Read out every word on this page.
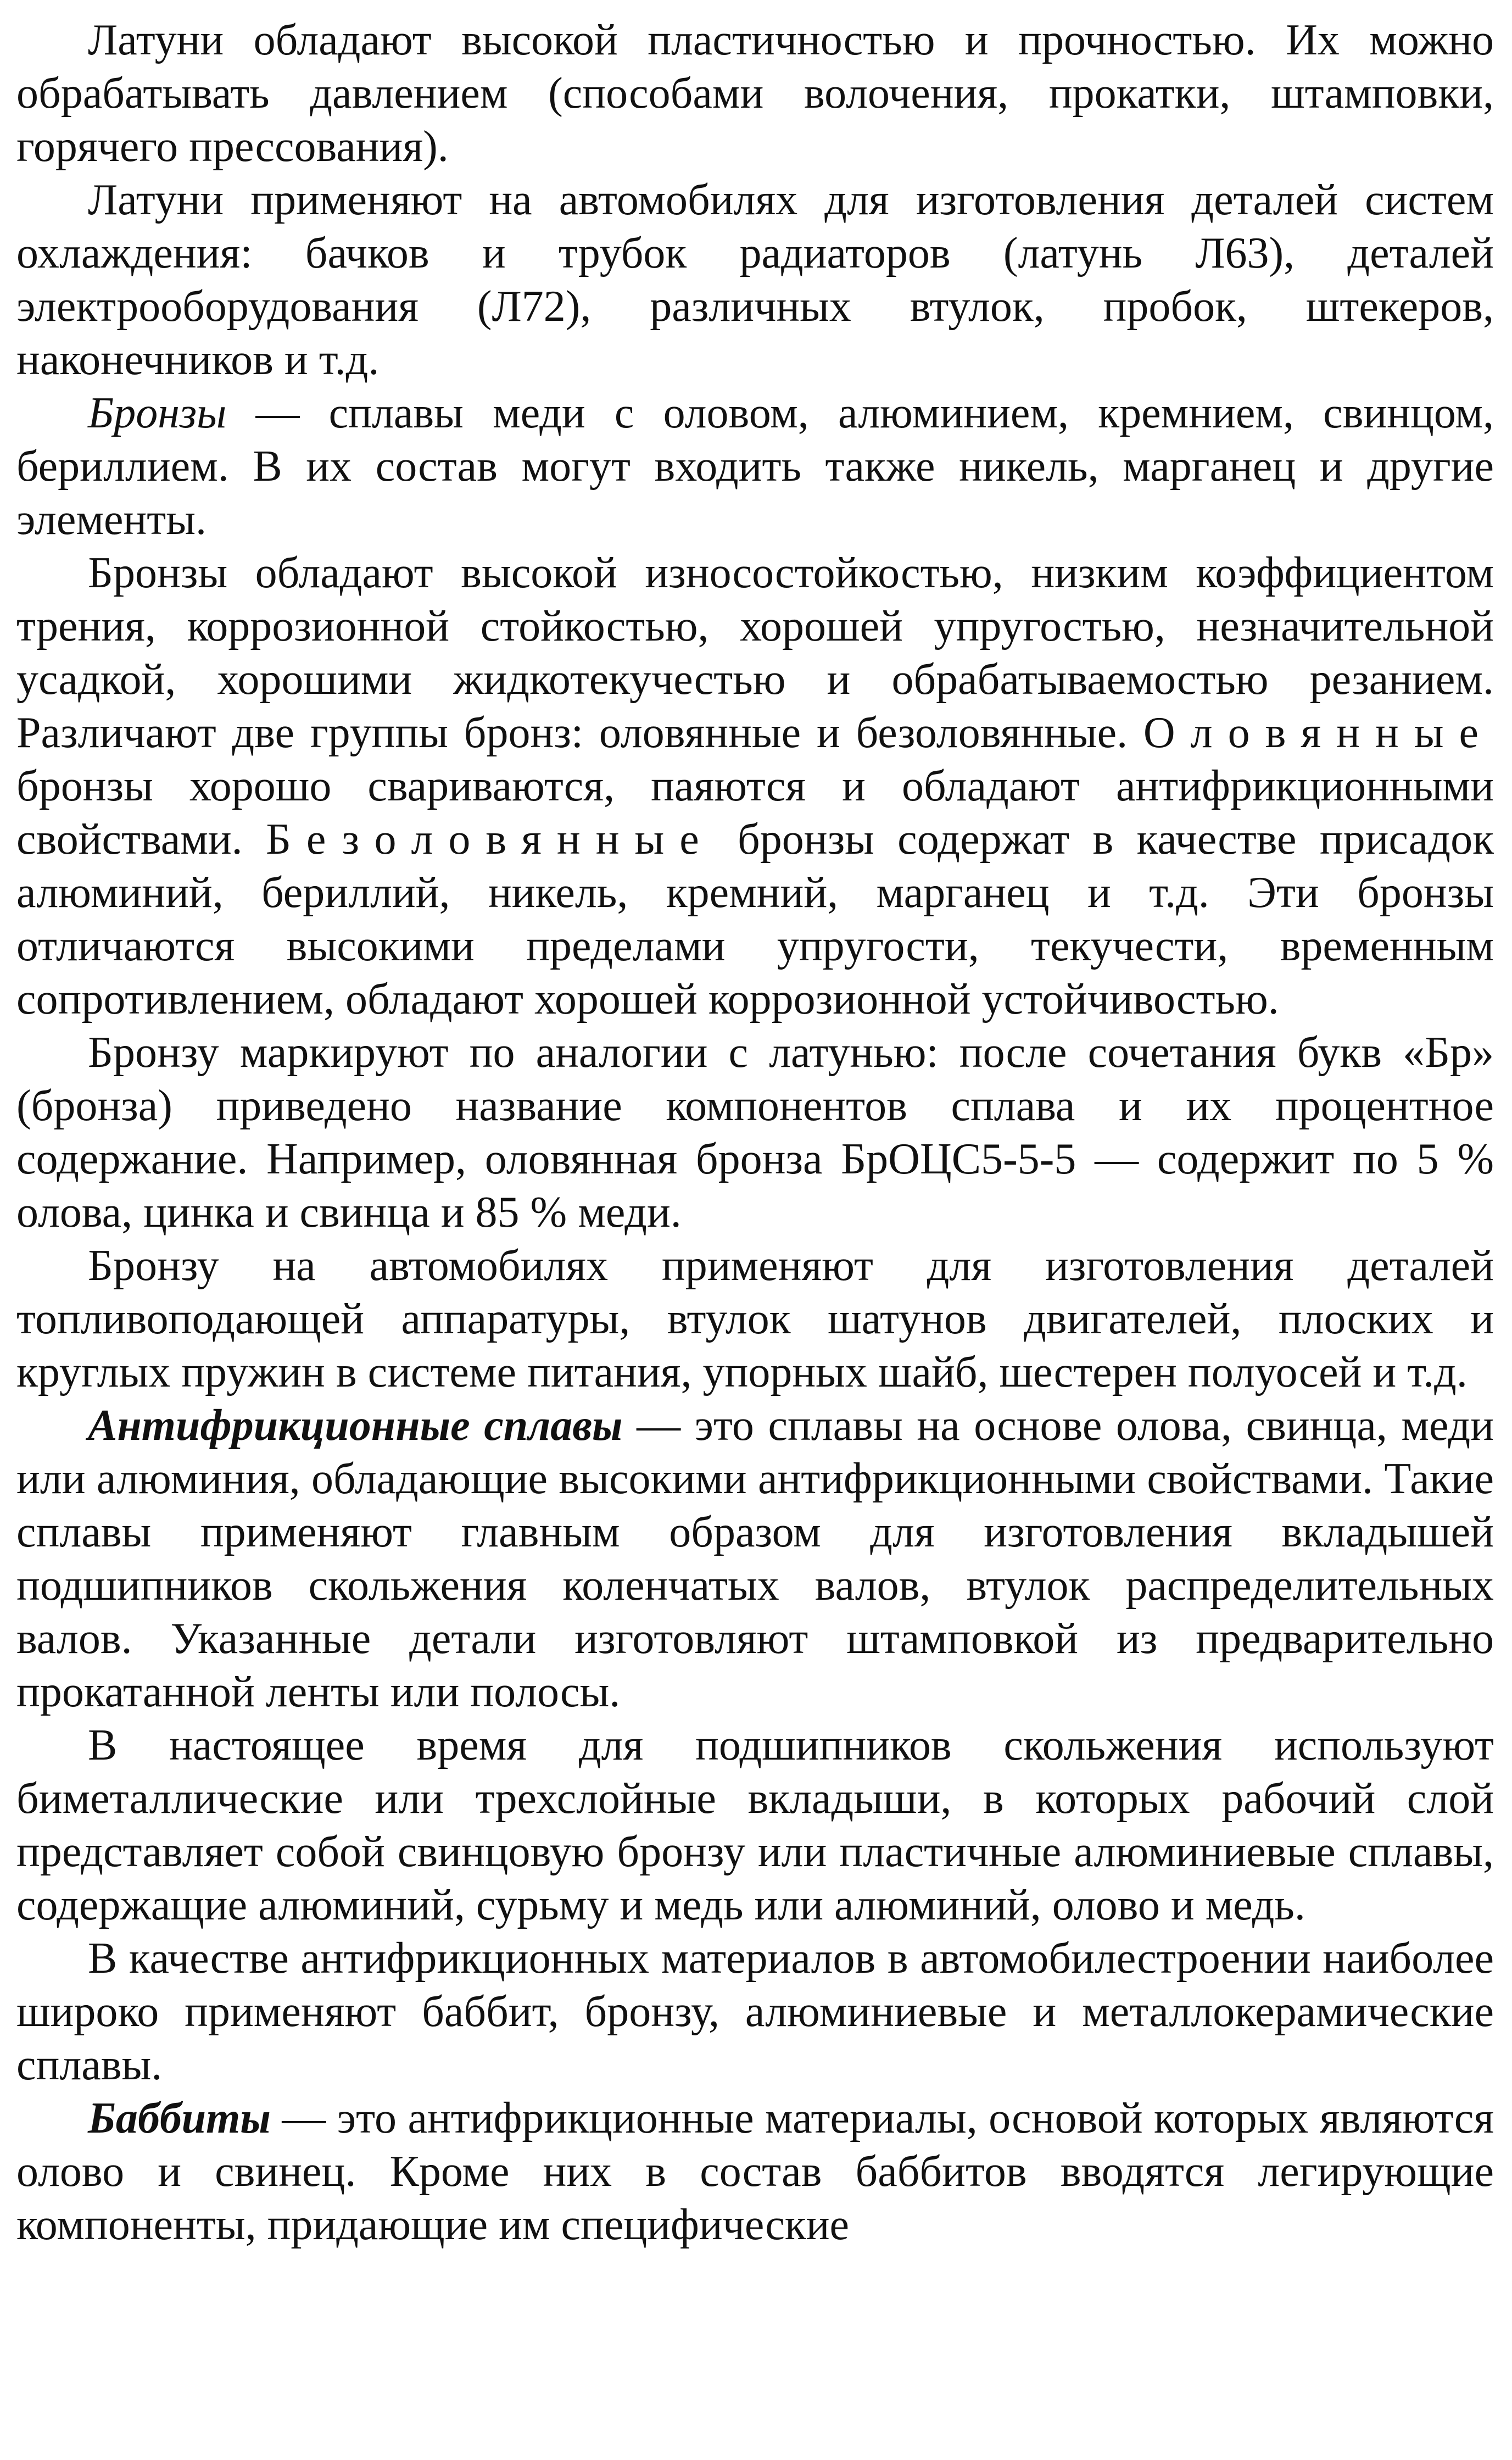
Латуни обладают высокой пластичностью и прочностью. Их можно обрабатывать давлением (способами волочения, прокатки, штамповки, горячего прессования).

Латуни применяют на автомобилях для изготовления деталей систем охлаждения: бачков и трубок радиаторов (латунь Л63), деталей электрооборудования (Л72), различных втулок, пробок, штекеров, наконечников и т.д.

Бронзы — сплавы меди с оловом, алюминием, кремнием, свинцом, бериллием. В их состав могут входить также никель, марганец и другие элементы.

Бронзы обладают высокой износостойкостью, низким коэффициентом трения, коррозионной стойкостью, хорошей упругостью, незначительной усадкой, хорошими жидкотекучестью и обрабатываемостью резанием. Различают две группы бронз: оловянные и безоловянные. Оловянные бронзы хорошо свариваются, паяются и обладают антифрикционными свойствами. Безоловянные бронзы содержат в качестве присадок алюминий, бериллий, никель, кремний, марганец и т.д. Эти бронзы отличаются высокими пределами упругости, текучести, временным сопротивлением, обладают хорошей коррозионной устойчивостью.

Бронзу маркируют по аналогии с латунью: после сочетания букв «Бр» (бронза) приведено название компонентов сплава и их процентное содержание. Например, оловянная бронза БрОЦС5-5-5 — содержит по 5 % олова, цинка и свинца и 85 % меди.

Бронзу на автомобилях применяют для изготовления деталей топливоподающей аппаратуры, втулок шатунов двигателей, плоских и круглых пружин в системе питания, упорных шайб, шестерен полуосей и т.д.

Антифрикционные сплавы — это сплавы на основе олова, свинца, меди или алюминия, обладающие высокими антифрикционными свойствами. Такие сплавы применяют главным образом для изготовления вкладышей подшипников скольжения коленчатых валов, втулок распределительных валов. Указанные детали изготовляют штамповкой из предварительно прокатанной ленты или полосы.

В настоящее время для подшипников скольжения используют биметаллические или трехслойные вкладыши, в которых рабочий слой представляет собой свинцовую бронзу или пластичные алюминиевые сплавы, содержащие алюминий, сурьму и медь или алюминий, олово и медь.

В качестве антифрикционных материалов в автомобилестроении наиболее широко применяют баббит, бронзу, алюминиевые и металлокерамические сплавы.

Баббиты — это антифрикционные материалы, основой которых являются олово и свинец. Кроме них в состав баббитов вводятся легирующие компоненты, придающие им специфические
